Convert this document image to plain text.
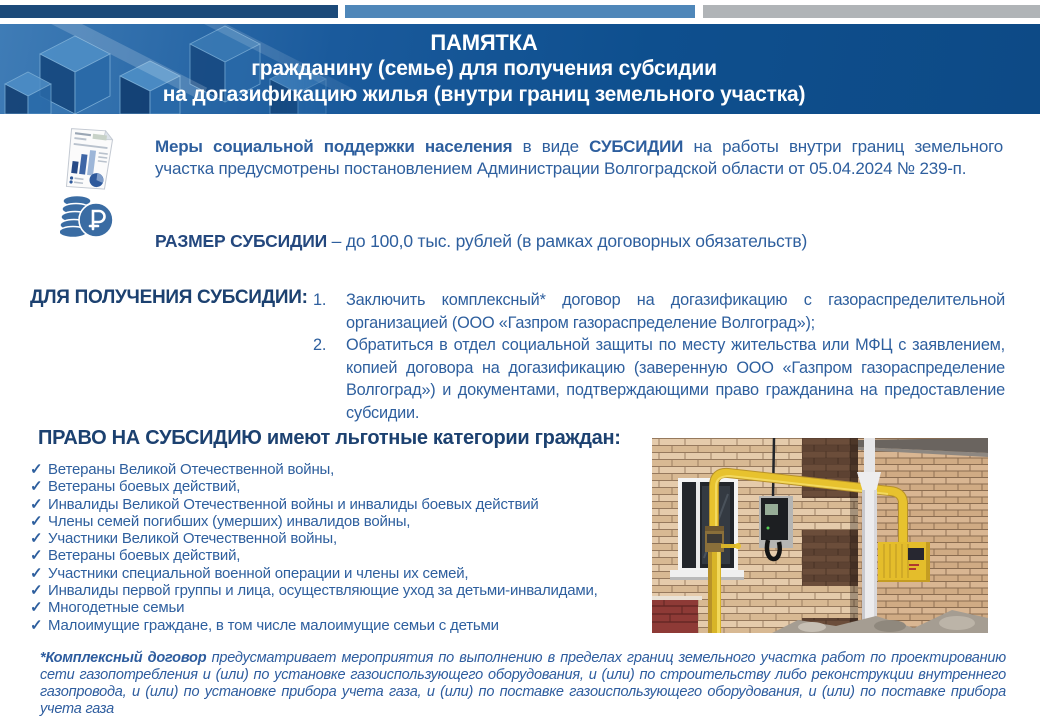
ПАМЯТКА
гражданину (семье) для получения субсидии
на догазификацию жилья (внутри границ земельного участка)

Меры социальной поддержки населения в виде СУБСИДИИ на работы внутри границ земельного участка предусмотрены постановлением Администрации Волгоградской области от 05.04.2024 № 239-п.

РАЗМЕР СУБСИДИИ – до 100,0 тыс. рублей (в рамках договорных обязательств)

ДЛЯ ПОЛУЧЕНИЯ СУБСИДИИ: 1.	Заключить комплексный* договор на догазификацию с газораспределительной организацией (ООО «Газпром газораспределение Волгоград»);
2.	Обратиться в отдел социальной защиты по месту жительства или МФЦ с заявлением, копией договора на догазификацию (заверенную ООО «Газпром газораспределение Волгоград») и документами, подтверждающими право гражданина на предоставление субсидии.
ПРАВО НА СУБСИДИЮ имеют льготные категории граждан:
✓ Ветераны Великой Отечественной войны,
✓ Ветераны боевых действий,
✓ Инвалиды Великой Отечественной войны и инвалиды боевых действий
✓ Члены семей погибших (умерших) инвалидов войны,
✓ Участники Великой Отечественной войны,
✓ Ветераны боевых действий,
✓ Участники специальной военной операции и члены их семей,
✓ Инвалиды первой группы и лица, осуществляющие уход за детьми-инвалидами,
✓ Многодетные семьи
✓ Малоимущие граждане, в том числе малоимущие семьи с детьми

*Комплексный договор предусматривает мероприятия по выполнению в пределах границ земельного участка работ по проектированию сети газопотребления и (или) по установке газоиспользующего оборудования, и (или) по строительству либо реконструкции внутреннего газопровода, и (или) по установке прибора учета газа, и (или) по поставке газоиспользующего оборудования, и (или) по поставке прибора учета газа
